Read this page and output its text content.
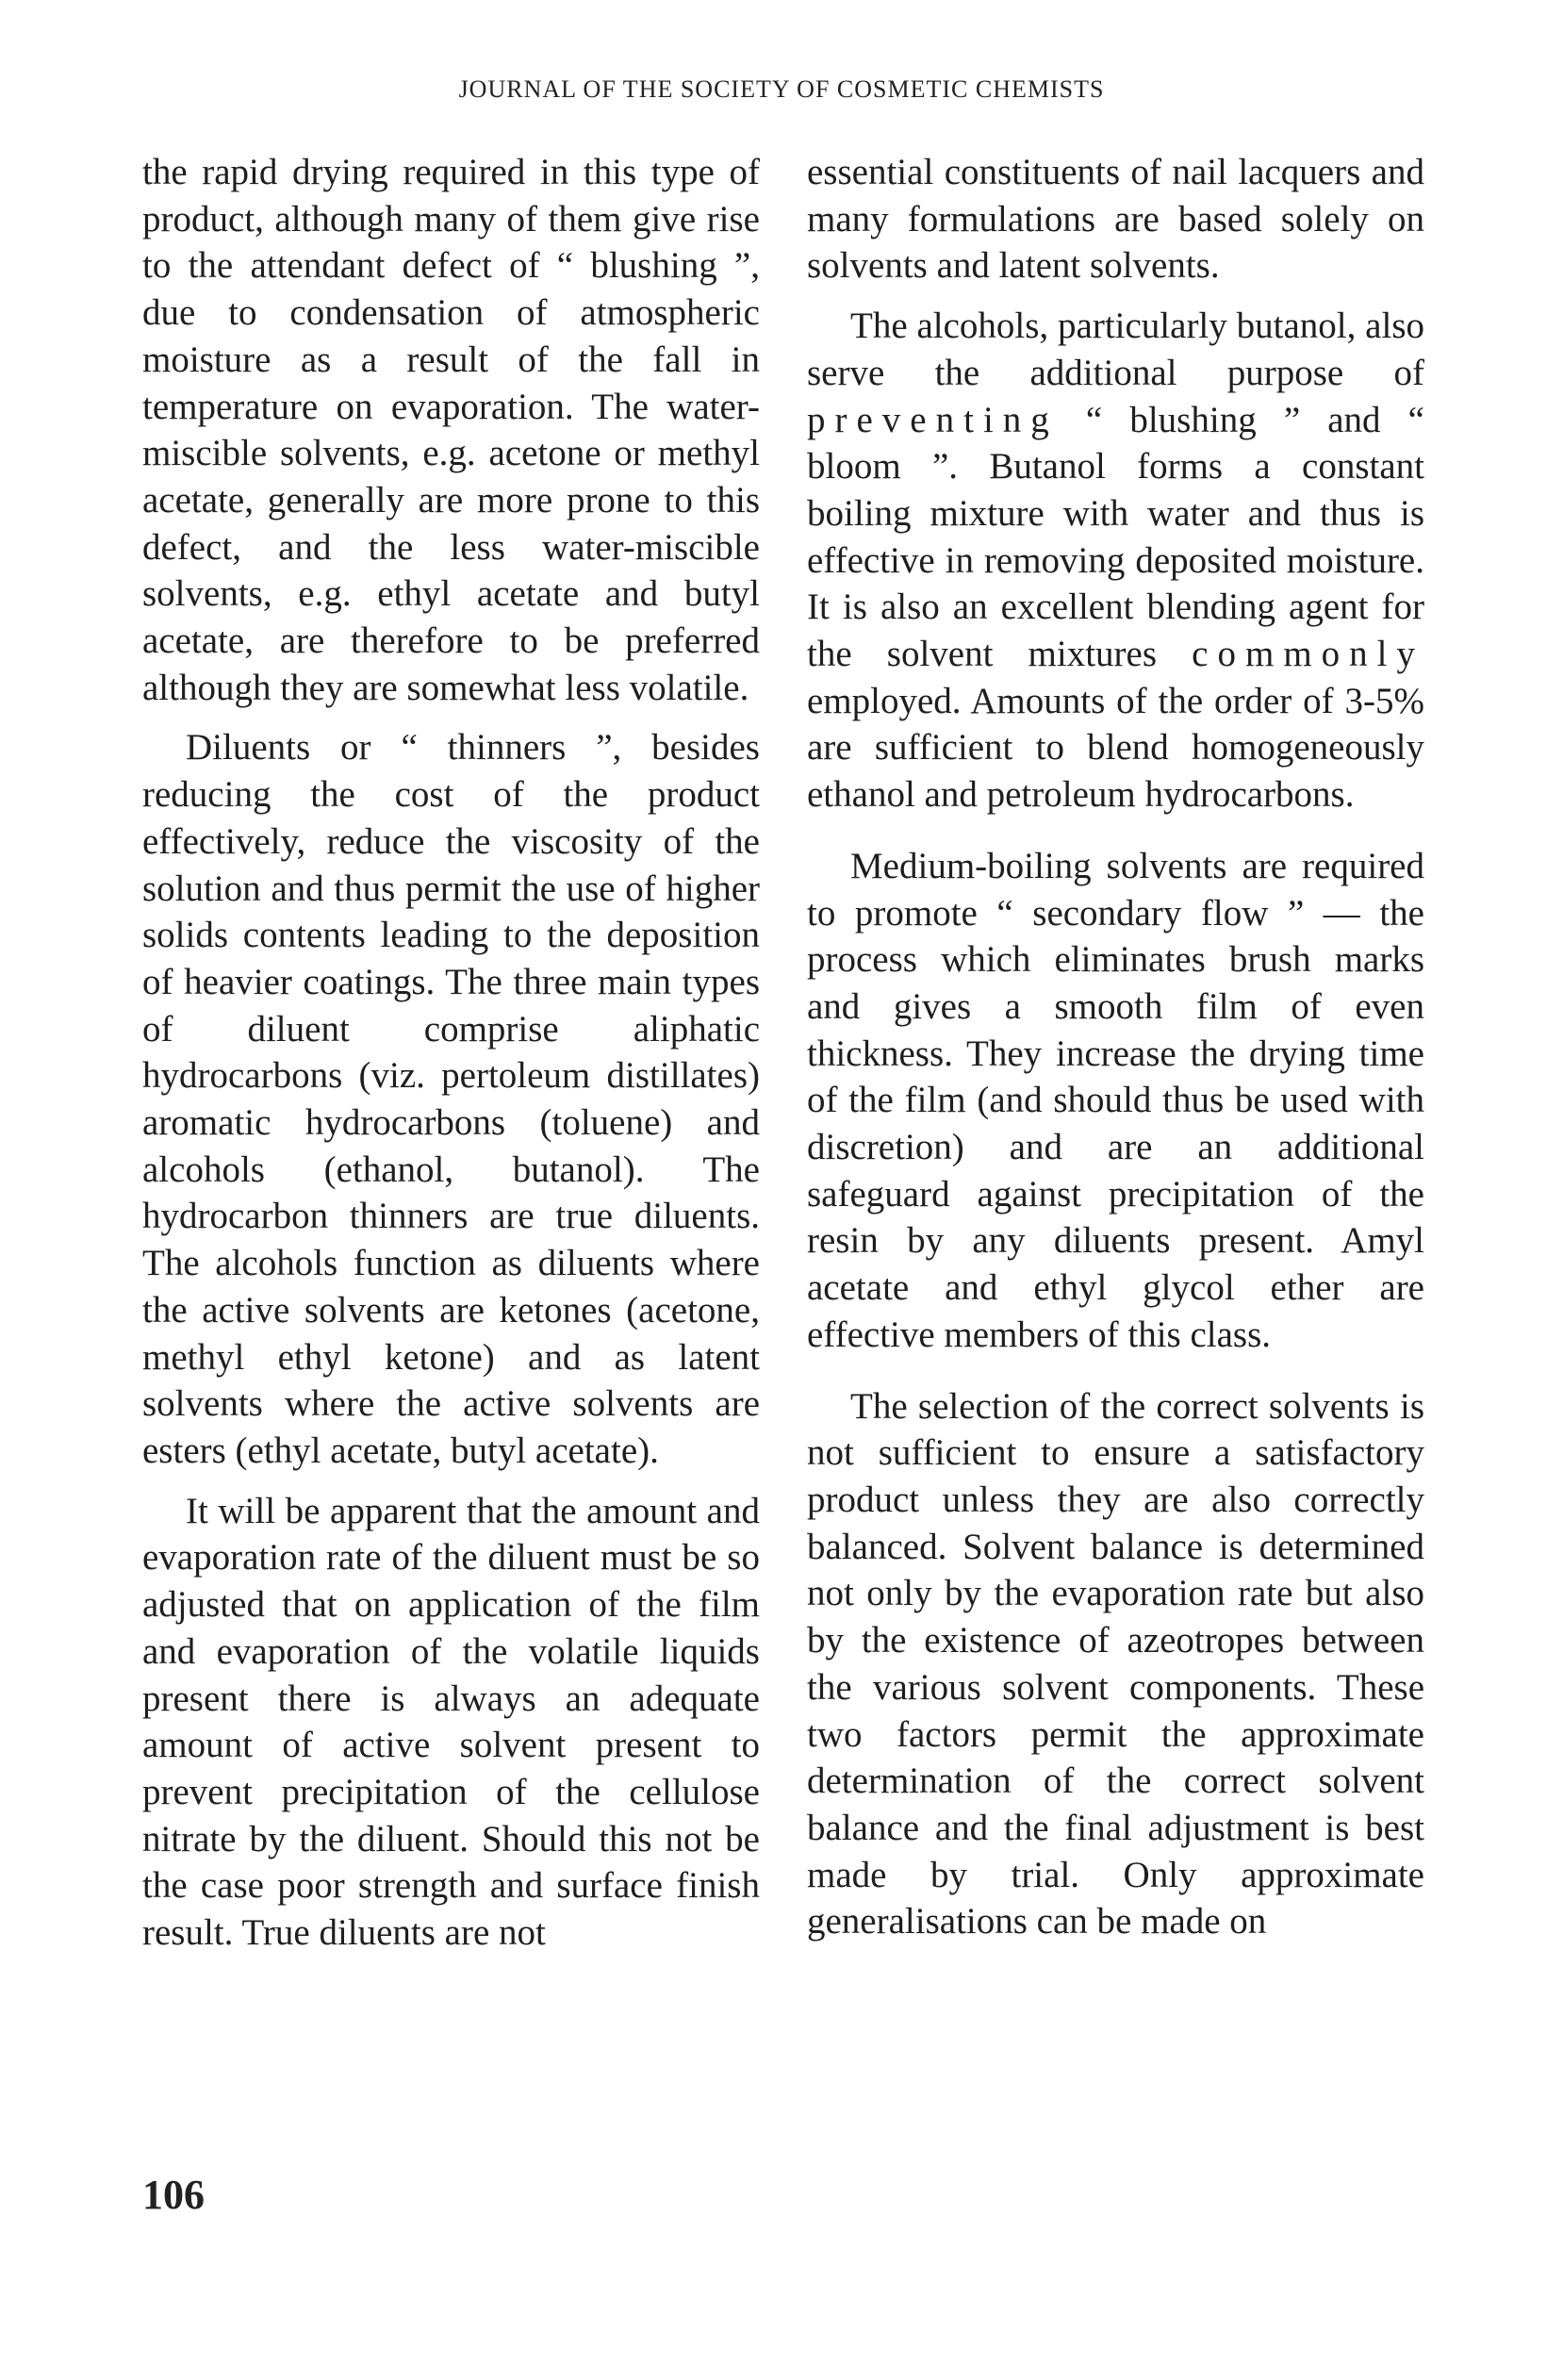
JOURNAL OF THE SOCIETY OF COSMETIC CHEMISTS

the rapid drying required in this type of product, although many of them give rise to the attendant defect of “ blushing ”, due to condensation of atmospheric moisture as a result of the fall in temperature on evaporation. The water-miscible solvents, e.g. acetone or methyl acetate, generally are more prone to this defect, and the less water-miscible solvents, e.g. ethyl acetate and butyl acetate, are therefore to be preferred although they are somewhat less volatile.

Diluents or “ thinners ”, besides reducing the cost of the product effectively, reduce the viscosity of the solution and thus permit the use of higher solids contents leading to the deposition of heavier coatings. The three main types of diluent comprise aliphatic hydrocarbons (viz. pertoleum distillates) aromatic hydrocarbons (toluene) and alcohols (ethanol, butanol). The hydrocarbon thinners are true diluents. The alcohols function as diluents where the active solvents are ketones (acetone, methyl ethyl ketone) and as latent solvents where the active solvents are esters (ethyl acetate, butyl acetate).

It will be apparent that the amount and evaporation rate of the diluent must be so adjusted that on application of the film and evaporation of the volatile liquids present there is always an adequate amount of active solvent present to prevent precipitation of the cellulose nitrate by the diluent. Should this not be the case poor strength and surface finish result. True diluents are not

essential constituents of nail lacquers and many formulations are based solely on solvents and latent solvents.

The alcohols, particularly butanol, also serve the additional purpose of preventing “ blushing ” and “ bloom ”. Butanol forms a constant boiling mixture with water and thus is effective in removing deposited moisture. It is also an excellent blending agent for the solvent mixtures commonly employed. Amounts of the order of 3-5% are sufficient to blend homogeneously ethanol and petroleum hydrocarbons.

Medium-boiling solvents are required to promote “ secondary flow ” — the process which eliminates brush marks and gives a smooth film of even thickness. They increase the drying time of the film (and should thus be used with discretion) and are an additional safeguard against precipitation of the resin by any diluents present. Amyl acetate and ethyl glycol ether are effective members of this class.

The selection of the correct solvents is not sufficient to ensure a satisfactory product unless they are also correctly balanced. Solvent balance is determined not only by the evaporation rate but also by the existence of azeotropes between the various solvent components. These two factors permit the approximate determination of the correct solvent balance and the final adjustment is best made by trial. Only approximate generalisations can be made on

106
